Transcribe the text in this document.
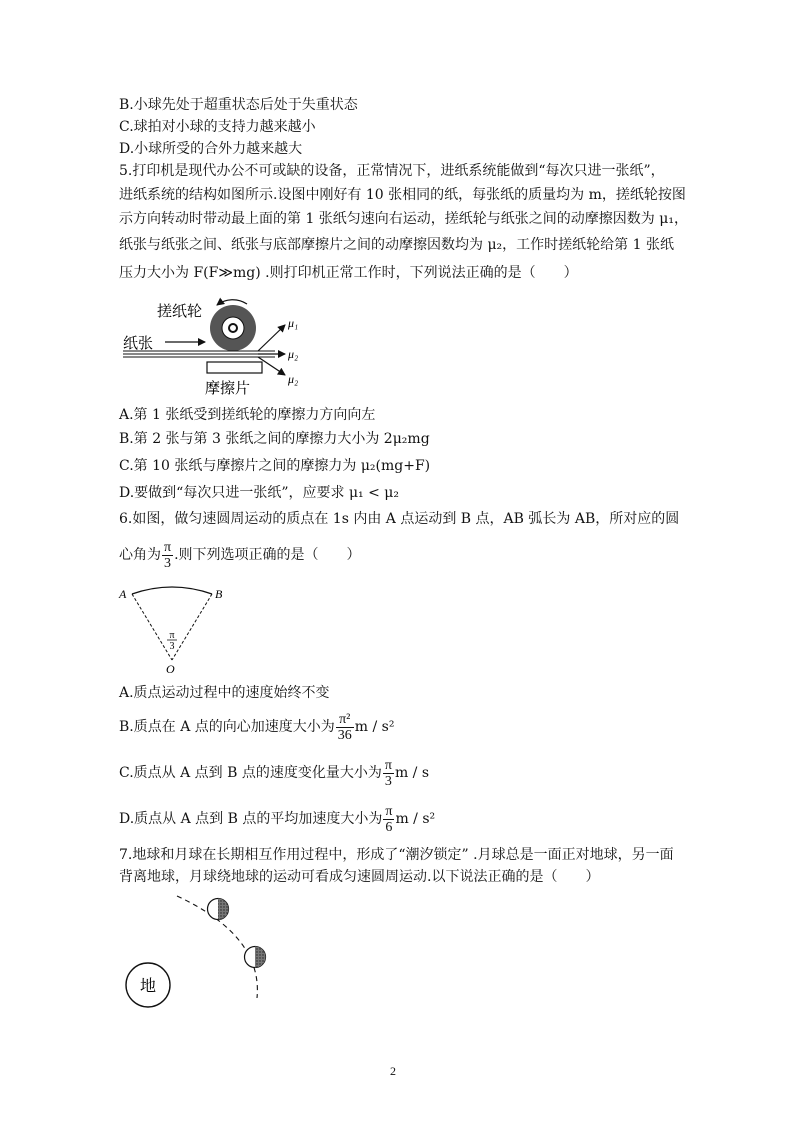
B.小球先处于超重状态后处于失重状态
C.球拍对小球的支持力越来越小
D.小球所受的合外力越来越大
5.打印机是现代办公不可或缺的设备，正常情况下，进纸系统能做到“每次只进一张纸”，
进纸系统的结构如图所示.设图中刚好有 10 张相同的纸，每张纸的质量均为 m，搓纸轮按图
示方向转动时带动最上面的第 1 张纸匀速向右运动，搓纸轮与纸张之间的动摩擦因数为 μ₁，
纸张与纸张之间、纸张与底部摩擦片之间的动摩擦因数均为 μ₂，工作时搓纸轮给第 1 张纸
压力大小为 F(F≫mg) .则打印机正常工作时，下列说法正确的是（　　）
搓纸轮
纸张
摩擦片
μ₁
μ₂
μ₂
A.第 1 张纸受到搓纸轮的摩擦力方向向左
B.第 2 张与第 3 张纸之间的摩擦力大小为 2μ₂mg
C.第 10 张纸与摩擦片之间的摩擦力为 μ₂(mg+F)
D.要做到“每次只进一张纸”，应要求 μ₁ < μ₂
6.如图，做匀速圆周运动的质点在 1s 内由 A 点运动到 B 点，AB 弧长为 AB，所对应的圆
心角为 $\frac{\pi}{3}$ .则下列选项正确的是（　　）
A	B
O
π
3
A.质点运动过程中的速度始终不变
B.质点在 A 点的向心加速度大小为 $\frac{\text{π²}}{36}$ m / s²
C.质点从 A 点到 B 点的速度变化量大小为 $\frac{\pi}{3}$ m / s
D.质点从 A 点到 B 点的平均加速度大小为 $\frac{\pi}{6}$ m / s²
7.地球和月球在长期相互作用过程中，形成了“潮汐锁定” .月球总是一面正对地球，另一面
背离地球，月球绕地球的运动可看成匀速圆周运动.以下说法正确的是（　　）
地
2
